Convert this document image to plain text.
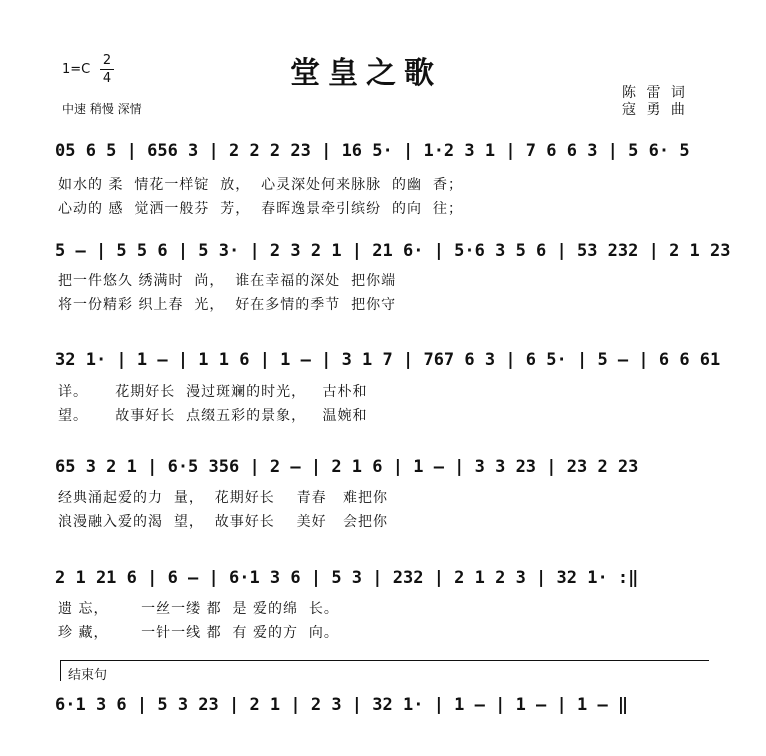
堂皇之歌
$1=C \frac{2}{4}$
中速 稍慢 深情
陈 雷 词
寇 勇 曲
05 6 5 | 656 3 | 2 2 2 23 | 16 5· | 1·2 3 1 | 7 6 6 3 | 5 6· 5
如水的 柔  情花一样锭  放，  心灵深处何来脉脉  的幽  香；
心动的 感  觉洒一般芬  芳，  春晖逸景牵引缤纷  的向  往；
5 – | 5 5 6 | 5 3· | 2 3 2 1 | 21 6· | 5·6 3 5 6 | 53 232 | 2 1 23
把一件悠久 绣满时  尚，  谁在幸福的深处  把你端
将一份精彩 织上春  光，  好在多情的季节  把你守
32 1· | 1 – | 1 1 6 | 1 – | 3 1 7 | 767 6 3 | 6 5· | 5 – | 6 6 61
详。     花期好长  漫过斑斓的时光，   古朴和
望。     故事好长  点缀五彩的景象，   温婉和
65 3 2 1 | 6·5 356 | 2 – | 2 1 6 | 1 – | 3 3 23 | 23 2 23
经典涌起爱的力  量，  花期好长    青春   难把你
浪漫融入爱的渴  望，  故事好长    美好   会把你
2 1 21 6 | 6 – | 6·1 3 6 | 5 3 | 232 | 2 1 2 3 | 32 1· :‖
遗 忘，      一丝一缕 都  是 爱的绵  长。
珍 藏，      一针一线 都  有 爱的方  向。
结束句
6·1 3 6 | 5 3 23 | 2 1 | 2 3 | 32 1· | 1 – | 1 – | 1 – ‖
